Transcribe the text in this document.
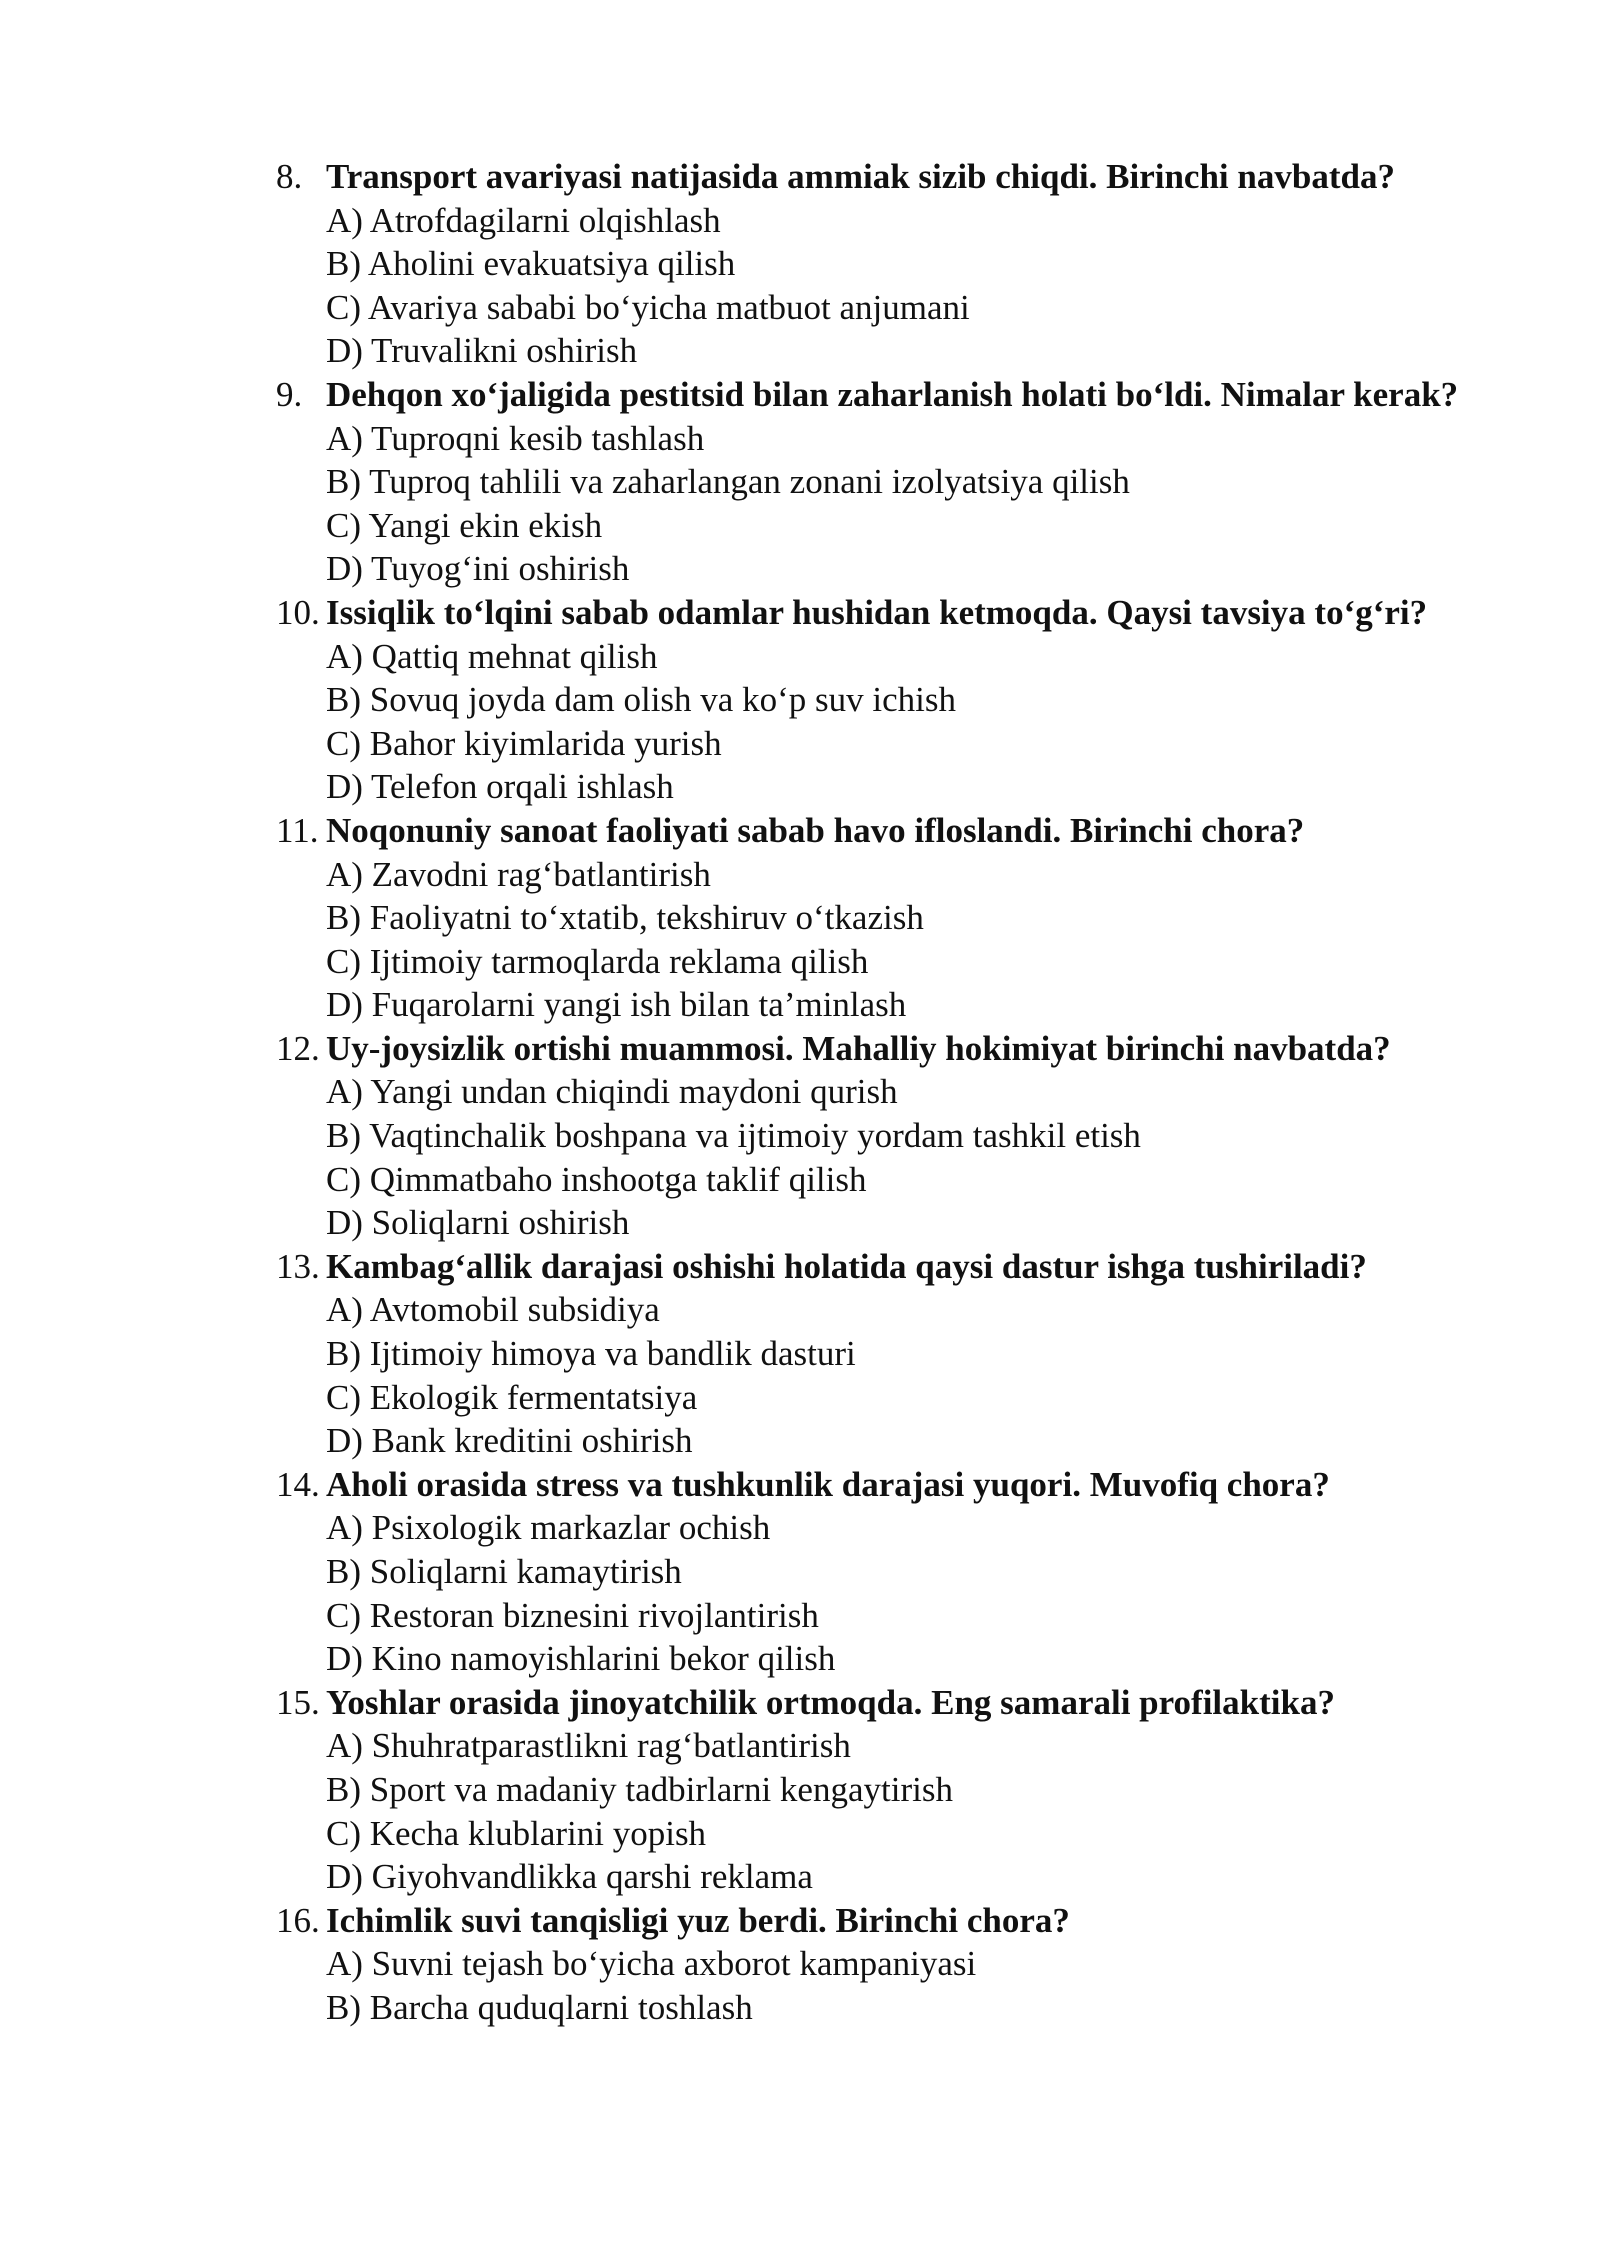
8. Transport avariyasi natijasida ammiak sizib chiqdi. Birinchi navbatda?
A) Atrofdagilarni olqishlash
B) Aholini evakuatsiya qilish
C) Avariya sababi bo‘yicha matbuot anjumani
D) Truvalikni oshirish
9. Dehqon xo‘jaligida pestitsid bilan zaharlanish holati bo‘ldi. Nimalar kerak?
A) Tuproqni kesib tashlash
B) Tuproq tahlili va zaharlangan zonani izolyatsiya qilish
C) Yangi ekin ekish
D) Tuyog‘ini oshirish
10. Issiqlik to‘lqini sabab odamlar hushidan ketmoqda. Qaysi tavsiya to‘g‘ri?
A) Qattiq mehnat qilish
B) Sovuq joyda dam olish va ko‘p suv ichish
C) Bahor kiyimlarida yurish
D) Telefon orqali ishlash
11. Noqonuniy sanoat faoliyati sabab havo ifloslandi. Birinchi chora?
A) Zavodni rag‘batlantirish
B) Faoliyatni to‘xtatib, tekshiruv o‘tkazish
C) Ijtimoiy tarmoqlarda reklama qilish
D) Fuqarolarni yangi ish bilan ta’minlash
12. Uy-joysizlik ortishi muammosi. Mahalliy hokimiyat birinchi navbatda?
A) Yangi undan chiqindi maydoni qurish
B) Vaqtinchalik boshpana va ijtimoiy yordam tashkil etish
C) Qimmatbaho inshootga taklif qilish
D) Soliqlarni oshirish
13. Kambag‘allik darajasi oshishi holatida qaysi dastur ishga tushiriladi?
A) Avtomobil subsidiya
B) Ijtimoiy himoya va bandlik dasturi
C) Ekologik fermentatsiya
D) Bank kreditini oshirish
14. Aholi orasida stress va tushkunlik darajasi yuqori. Muvofiq chora?
A) Psixologik markazlar ochish
B) Soliqlarni kamaytirish
C) Restoran biznesini rivojlantirish
D) Kino namoyishlarini bekor qilish
15. Yoshlar orasida jinoyatchilik ortmoqda. Eng samarali profilaktika?
A) Shuhratparastlikni rag‘batlantirish
B) Sport va madaniy tadbirlarni kengaytirish
C) Kecha klublarini yopish
D) Giyohvandlikka qarshi reklama
16. Ichimlik suvi tanqisligi yuz berdi. Birinchi chora?
A) Suvni tejash bo‘yicha axborot kampaniyasi
B) Barcha quduqlarni toshlash
